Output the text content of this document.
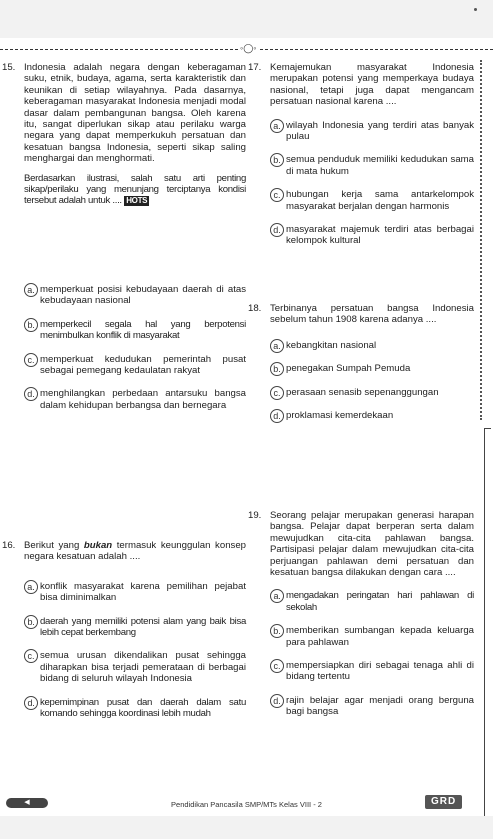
◦◯◦
15. Indonesia adalah negara dengan keberagaman suku, etnik, budaya, agama, serta karakteristik dan keunikan di setiap wilayahnya. Pada dasarnya, keberagaman masyarakat Indonesia menjadi modal dasar dalam pembangunan bangsa. Oleh karena itu, sangat diperlukan sikap atau perilaku warga negara yang dapat memperkukuh persatuan dan kesatuan bangsa Indonesia, seperti sikap saling menghargai dan menghormati.

Berdasarkan ilustrasi, salah satu arti penting sikap/perilaku yang menunjang terciptanya kondisi tersebut adalah untuk .... HOTS

a. memperkuat posisi kebudayaan daerah di atas kebudayaan nasional
b. memperkecil segala hal yang berpotensi menimbulkan konflik di masyarakat
c. memperkuat kedudukan pemerintah pusat sebagai pemegang kedaulatan rakyat
d. menghilangkan perbedaan antarsuku bangsa dalam kehidupan berbangsa dan bernegara
16. Berikut yang bukan termasuk keunggulan konsep negara kesatuan adalah ....

a. konflik masyarakat karena pemilihan pejabat bisa diminimalkan
b. daerah yang memiliki potensi alam yang baik bisa lebih cepat berkembang
c. semua urusan dikendalikan pusat sehingga diharapkan bisa terjadi pemerataan di berbagai bidang di seluruh wilayah Indonesia
d. kepemimpinan pusat dan daerah dalam satu komando sehingga koordinasi lebih mudah
17. Kemajemukan masyarakat Indonesia merupakan potensi yang memperkaya budaya nasional, tetapi juga dapat mengancam persatuan nasional karena ....

a. wilayah Indonesia yang terdiri atas banyak pulau
b. semua penduduk memiliki kedudukan sama di mata hukum
c. hubungan kerja sama antarkelompok masyarakat berjalan dengan harmonis
d. masyarakat majemuk terdiri atas berbagai kelompok kultural
18. Terbinanya persatuan bangsa Indonesia sebelum tahun 1908 karena adanya ....

a. kebangkitan nasional
b. penegakan Sumpah Pemuda
c. perasaan senasib sepenanggungan
d. proklamasi kemerdekaan
19. Seorang pelajar merupakan generasi harapan bangsa. Pelajar dapat berperan serta dalam mewujudkan cita-cita pahlawan bangsa. Partisipasi pelajar dalam mewujudkan cita-cita perjuangan pahlawan demi persatuan dan kesatuan bangsa dilakukan dengan cara ....

a. mengadakan peringatan hari pahlawan di sekolah
b. memberikan sumbangan kepada keluarga para pahlawan
c. mempersiapkan diri sebagai tenaga ahli di bidang tertentu
d. rajin belajar agar menjadi orang berguna bagi bangsa
◀	Pendidikan Pancasila SMP/MTs Kelas VIII - 2	GRD
